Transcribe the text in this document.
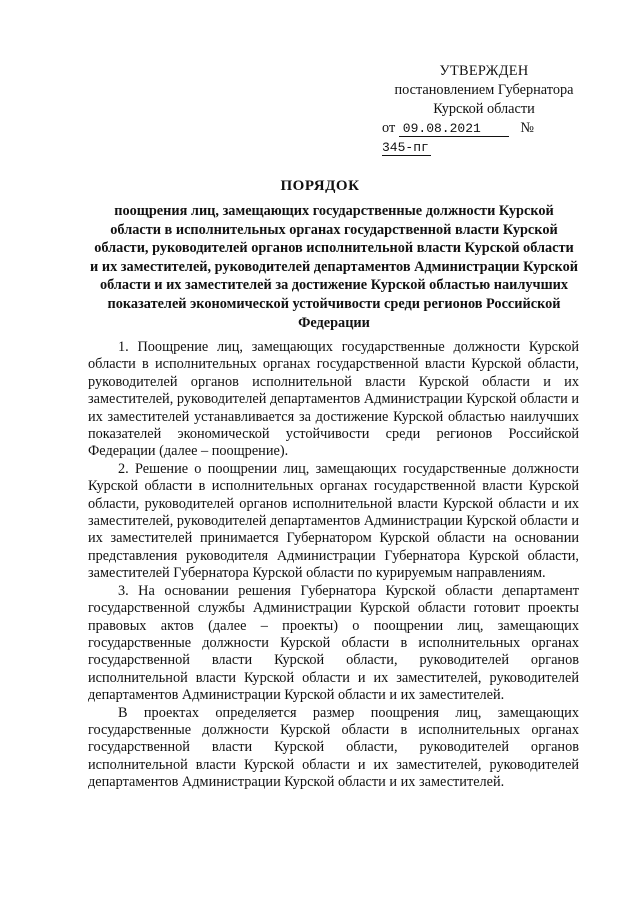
УТВЕРЖДЕН
постановлением Губернатора
Курской области
от 09.08.2021	№ 345-пг
ПОРЯДОК
поощрения лиц, замещающих государственные должности Курской области в исполнительных органах государственной власти Курской области, руководителей органов исполнительной власти Курской области и их заместителей, руководителей департаментов Администрации Курской области и их заместителей за достижение Курской областью наилучших показателей экономической устойчивости среди регионов Российской Федерации

1. Поощрение лиц, замещающих государственные должности Курской области в исполнительных органах государственной власти Курской области, руководителей органов исполнительной власти Курской области и их заместителей, руководителей департаментов Администрации Курской области и их заместителей устанавливается за достижение Курской областью наилучших показателей экономической устойчивости среди регионов Российской Федерации (далее – поощрение).

2. Решение о поощрении лиц, замещающих государственные должности Курской области в исполнительных органах государственной власти Курской области, руководителей органов исполнительной власти Курской области и их заместителей, руководителей департаментов Администрации Курской области и их заместителей принимается Губернатором Курской области на основании представления руководителя Администрации Губернатора Курской области, заместителей Губернатора Курской области по курируемым направлениям.

3. На основании решения Губернатора Курской области департамент государственной службы Администрации Курской области готовит проекты правовых актов (далее – проекты) о поощрении лиц, замещающих государственные должности Курской области в исполнительных органах государственной власти Курской области, руководителей органов исполнительной власти Курской области и их заместителей, руководителей департаментов Администрации Курской области и их заместителей.

В проектах определяется размер поощрения лиц, замещающих государственные должности Курской области в исполнительных органах государственной власти Курской области, руководителей органов исполнительной власти Курской области и их заместителей, руководителей департаментов Администрации Курской области и их заместителей.
